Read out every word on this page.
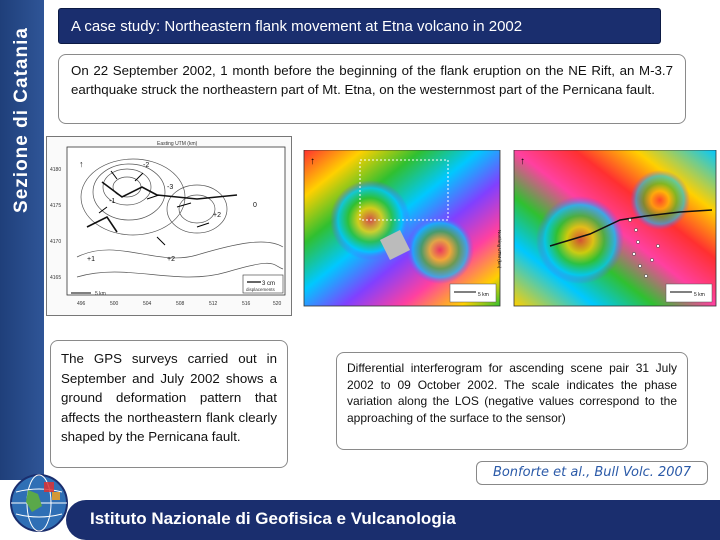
Sezione di Catania
A case study: Northeastern flank movement at Etna volcano in 2002
On 22 September 2002, 1 month before the beginning of the flank eruption on the NE Rift, an M-3.7 earthquake struck the northeastern part of Mt. Etna, on the westernmost part of the Pernicana fault.
Easting UTM (km)
-2
-1
-3
+1	+2
+2
0
↑
3 cm
displacements
5 km
496	500	504	508	512	516	520
4180
4175
4170
4165
↑
5 km
Northing UTM (km)
↑
5 km
The GPS surveys carried out in September and July 2002 shows a ground deformation pattern that affects the northeastern flank clearly shaped by the Pernicana fault.
Differential interferogram for ascending scene pair 31 July 2002 to 09 October 2002. The scale indicates the phase variation along the LOS (negative values correspond to the approaching of the surface to the sensor)
Bonforte et al., Bull Volc. 2007
Istituto Nazionale di Geofisica e Vulcanologia
